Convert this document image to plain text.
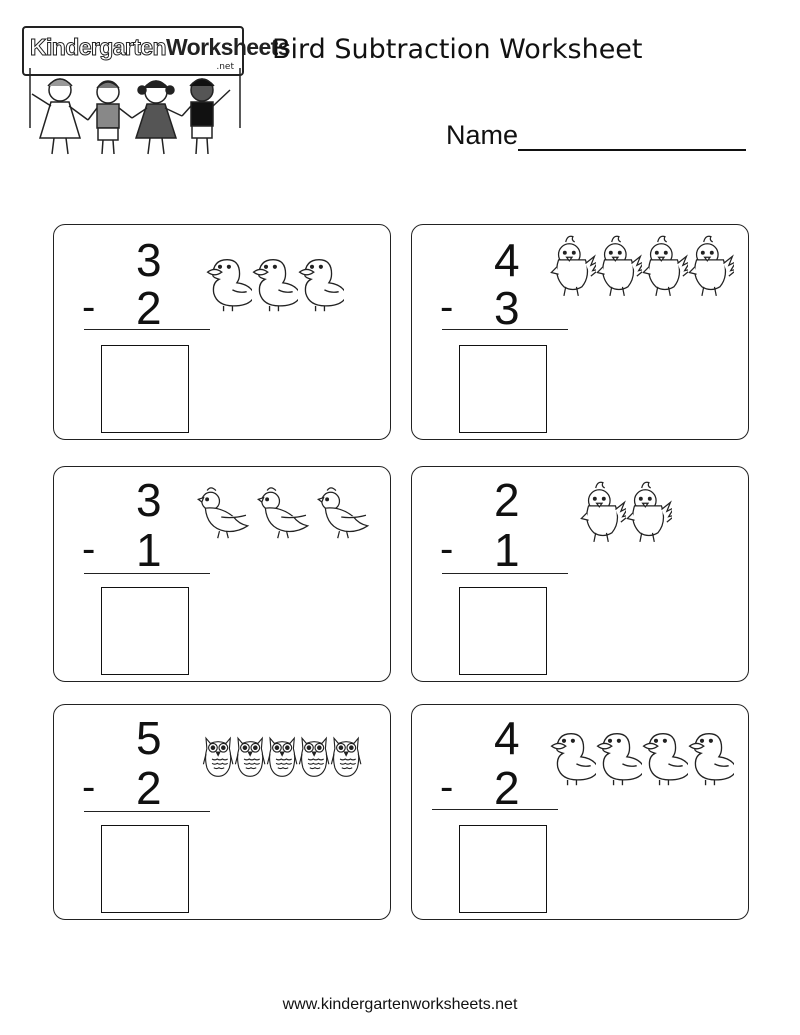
KindergartenWorksheets
.net
Bird Subtraction Worksheet
Name
3
- 2
4
- 3
3
- 1
2
- 1
5
- 2
4
- 2
www.kindergartenworksheets.net
